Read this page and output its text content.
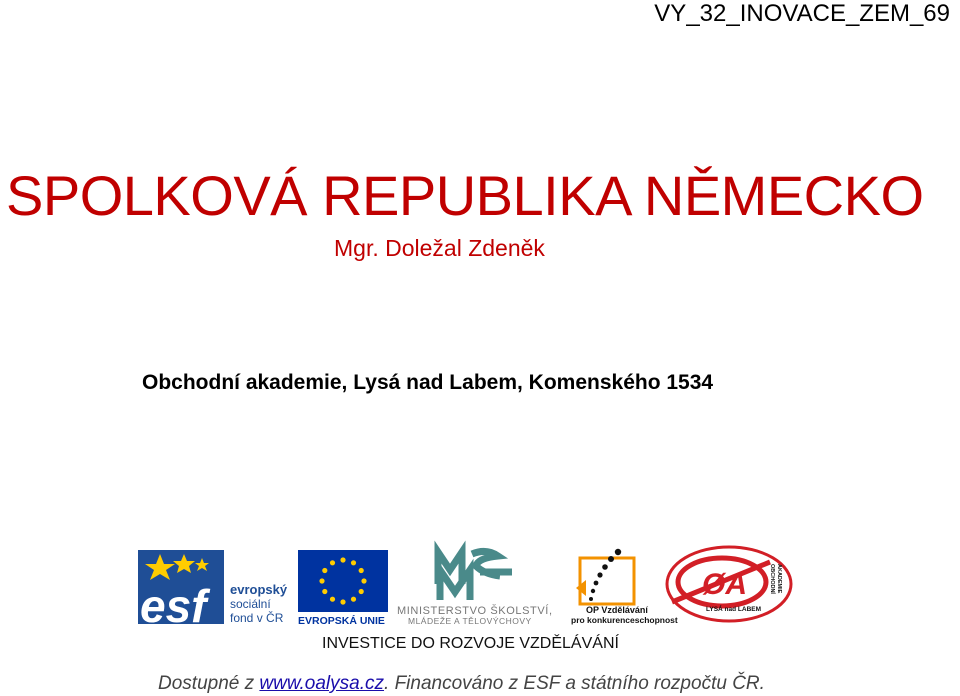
VY_32_INOVACE_ZEM_69
SPOLKOVÁ REPUBLIKA NĚMECKO
Mgr. Doležal Zdeněk
Obchodní akademie, Lysá nad Labem, Komenského 1534
esf	evropský
sociální
fond v ČR EVROPSKÁ UNIE
MINISTERSTVO ŠKOLSTVÍ,
MLÁDEŽE A TĚLOVÝCHOVY
OP Vzdělávání
pro konkurenceschopnost
ØA
LYSÁ nad LABEM
OBCHODNÍ AKADEMIE
INVESTICE DO ROZVOJE VZDĚLÁVÁNÍ
Dostupné z www.oalysa.cz. Financováno z ESF a státního rozpočtu ČR.
